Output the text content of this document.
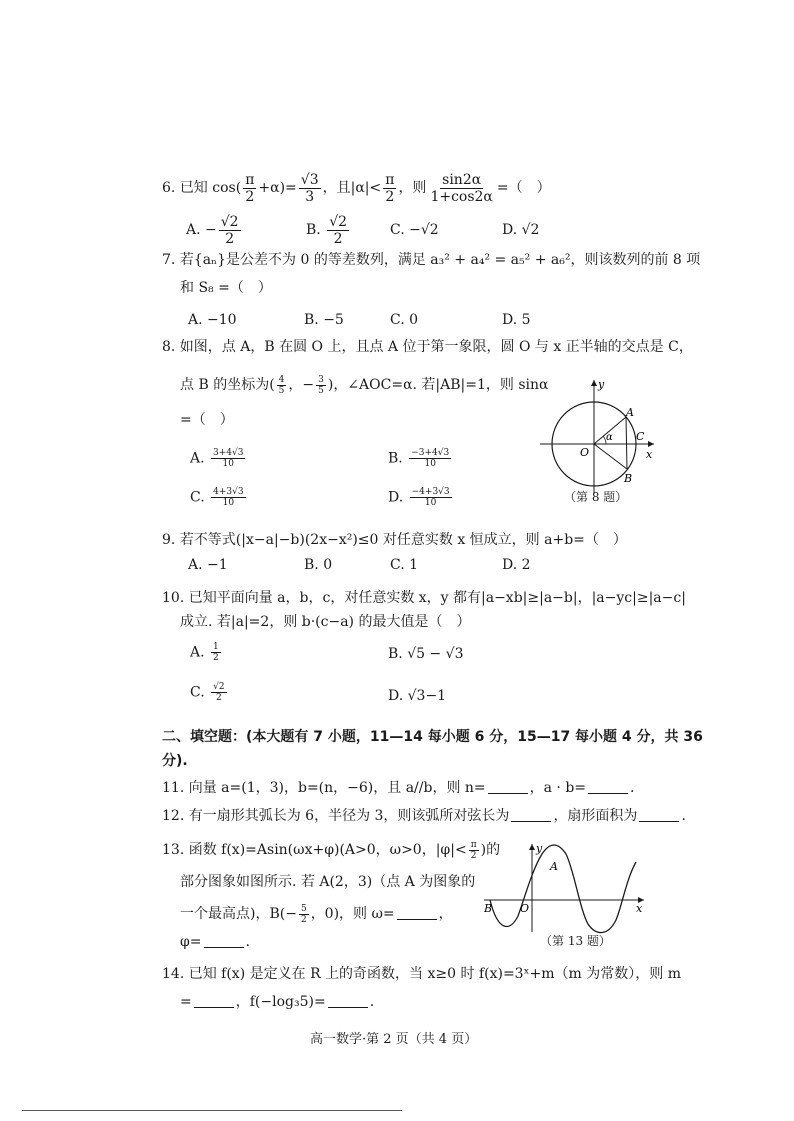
6. 已知 $\cos( \frac{\pi}{2} +\alpha)= \frac{√3}{3}$ ，且$|\alpha|< \frac{\pi}{2}$ ，则 $\frac{\sin 2\alpha}{1+\cos 2\alpha}$ =（　）
A. − $\frac{√2}{2}$	B. $\frac{√2}{2}$	C. −√2	D. √2
7. 若{aₙ}是公差不为 0 的等差数列，满足 a₃² + a₄² = a₅² + a₆²，则该数列的前 8 项
和 S₈ =（　）
A. −10	B. −5	C. 0	D. 5
8. 如图，点 A，B 在圆 O 上，且点 A 位于第一象限，圆 O 与 x 正半轴的交点是 C，
点 B 的坐标为( $\frac{4}{5}$ ，− $\frac{3}{5}$ )，∠AOC=α. 若|AB|=1，则 sinα
=（　）
A. $\frac{3+4√3}{10}$	B. $\frac{-3+4√3}{10}$
C. $\frac{4+3√3}{10}$	D. $\frac{-4+3√3}{10}$
y
x
O
A
B
C
α
（第 8 题）
9. 若不等式(|x−a|−b)(2x−x²)≤0 对任意实数 x 恒成立，则 a+b=（　）
A. −1	B. 0	C. 1	D. 2
10. 已知平面向量 a，b，c，对任意实数 x，y 都有|a−xb|≥|a−b|，|a−yc|≥|a−c|
成立. 若|a|=2，则 b·(c−a) 的最大值是（　）
A. $\frac{1}{2}$	B. √5 − √3
C. $\frac{√2}{2}$	D. √3−1
二、填空题：(本大题有 7 小题，11—14 每小题 6 分，15—17 每小题 4 分，共 36
分).
11. 向量 a=(1，3)，b=(n，−6)，且 a//b，则 n=	，a · b=	.
12. 有一扇形其弧长为 6，半径为 3，则该弧所对弦长为	，扇形面积为	.
13. 函数 f(x)=Asin(ωx+φ)(A>0，ω>0，$|\varphi|< \frac{\pi}{2}$ )的
部分图象如图所示. 若 A(2，3)（点 A 为图象的
一个最高点)，$B(- \frac{5}{2}$ ，0)，则 ω=	，
φ=	.
y
x
O
A
B
（第 13 题）
14. 已知 f(x) 是定义在 R 上的奇函数，当 x≥0 时 f(x)=3ˣ+m（m 为常数），则 m
=	，f(−log₃5)=	.
高一数学·第 2 页（共 4 页）
